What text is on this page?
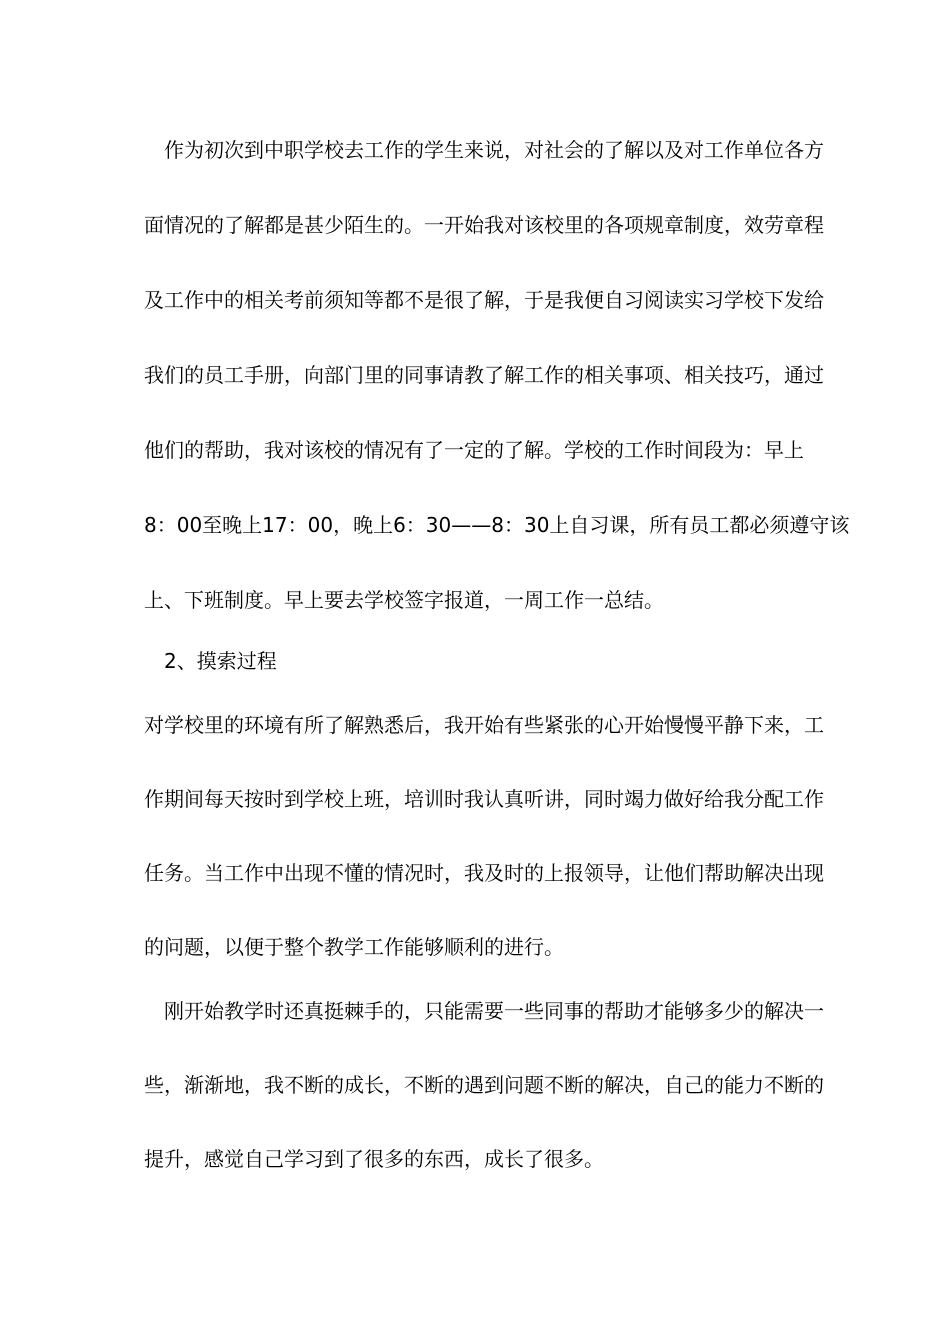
　作为初次到中职学校去工作的学生来说，对社会的了解以及对工作单位各方
面情况的了解都是甚少陌生的。一开始我对该校里的各项规章制度，效劳章程
及工作中的相关考前须知等都不是很了解，于是我便自习阅读实习学校下发给
我们的员工手册，向部门里的同事请教了解工作的相关事项、相关技巧，通过
他们的帮助，我对该校的情况有了一定的了解。学校的工作时间段为：早上
8：00至晚上17：00，晚上6：30——8：30上自习课，所有员工都必须遵守该
上、下班制度。早上要去学校签字报道，一周工作一总结。
　2、摸索过程
对学校里的环境有所了解熟悉后，我开始有些紧张的心开始慢慢平静下来，工
作期间每天按时到学校上班，培训时我认真听讲，同时竭力做好给我分配工作
任务。当工作中出现不懂的情况时，我及时的上报领导，让他们帮助解决出现
的问题，以便于整个教学工作能够顺利的进行。
　刚开始教学时还真挺棘手的，只能需要一些同事的帮助才能够多少的解决一
些，渐渐地，我不断的成长，不断的遇到问题不断的解决，自己的能力不断的
提升，感觉自己学习到了很多的东西，成长了很多。
